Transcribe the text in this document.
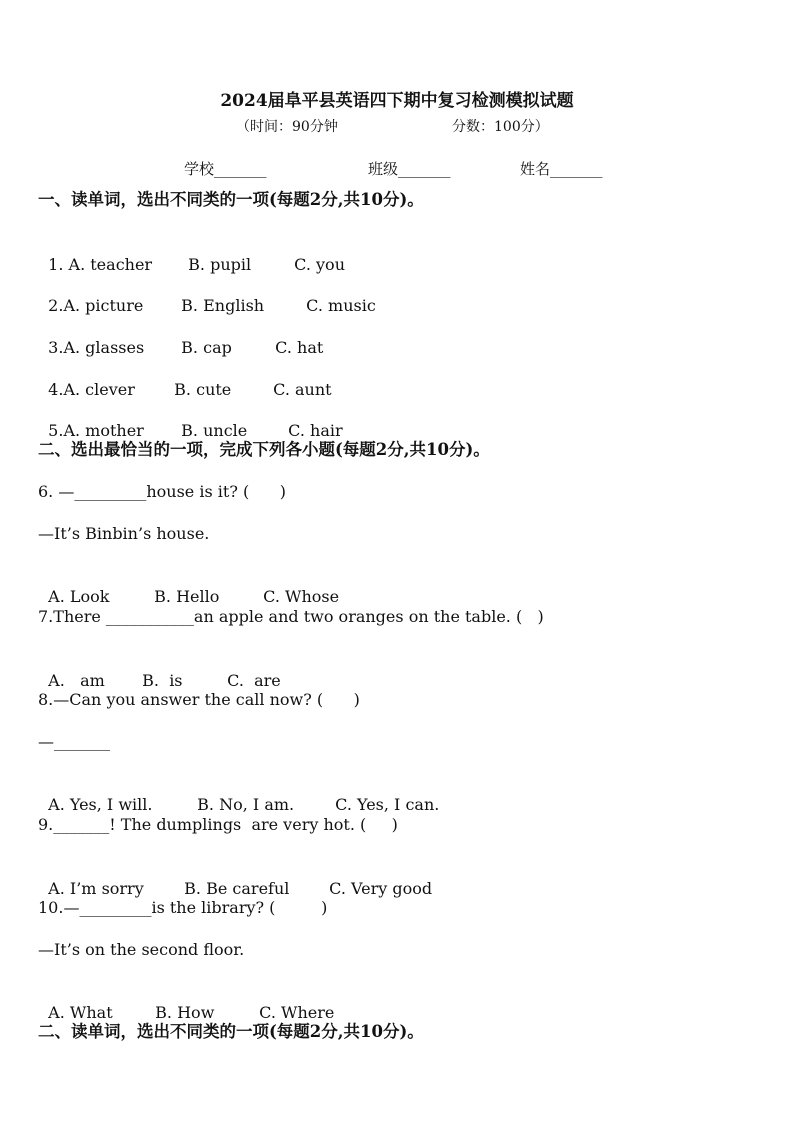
2024届阜平县英语四下期中复习检测模拟试题
（时间：90分钟	分数：100分）
学校_______	班级_______	姓名_______
一、读单词，选出不同类的一项(每题2分,共10分)。

1. A. teacher B. pupil	C. you

2.A. picture B. English	C. music

3.A. glasses B. cap	C. hat

4.A. clever B. cute	C. aunt

5.A. mother B. uncle	C. hair

二、选出最恰当的一项，完成下列各小题(每题2分,共10分)。
6. —_________house is it? (      )
—It’s Binbin’s house.

A. Look	B. Hello	C. Whose

7.There ___________an apple and two oranges on the table. (   )

A.   am B.  is	C.  are

8.—Can you answer the call now? (      )
—_______

A. Yes, I will.	B. No, I am.	C. Yes, I can.

9._______! The dumplings  are very hot. (     )

A. I’m sorry	B. Be careful C. Very good

10.—_________is the library? (         )
—It’s on the second floor.

A. What	B. How	C. Where

二、读单词，选出不同类的一项(每题2分,共10分)。
